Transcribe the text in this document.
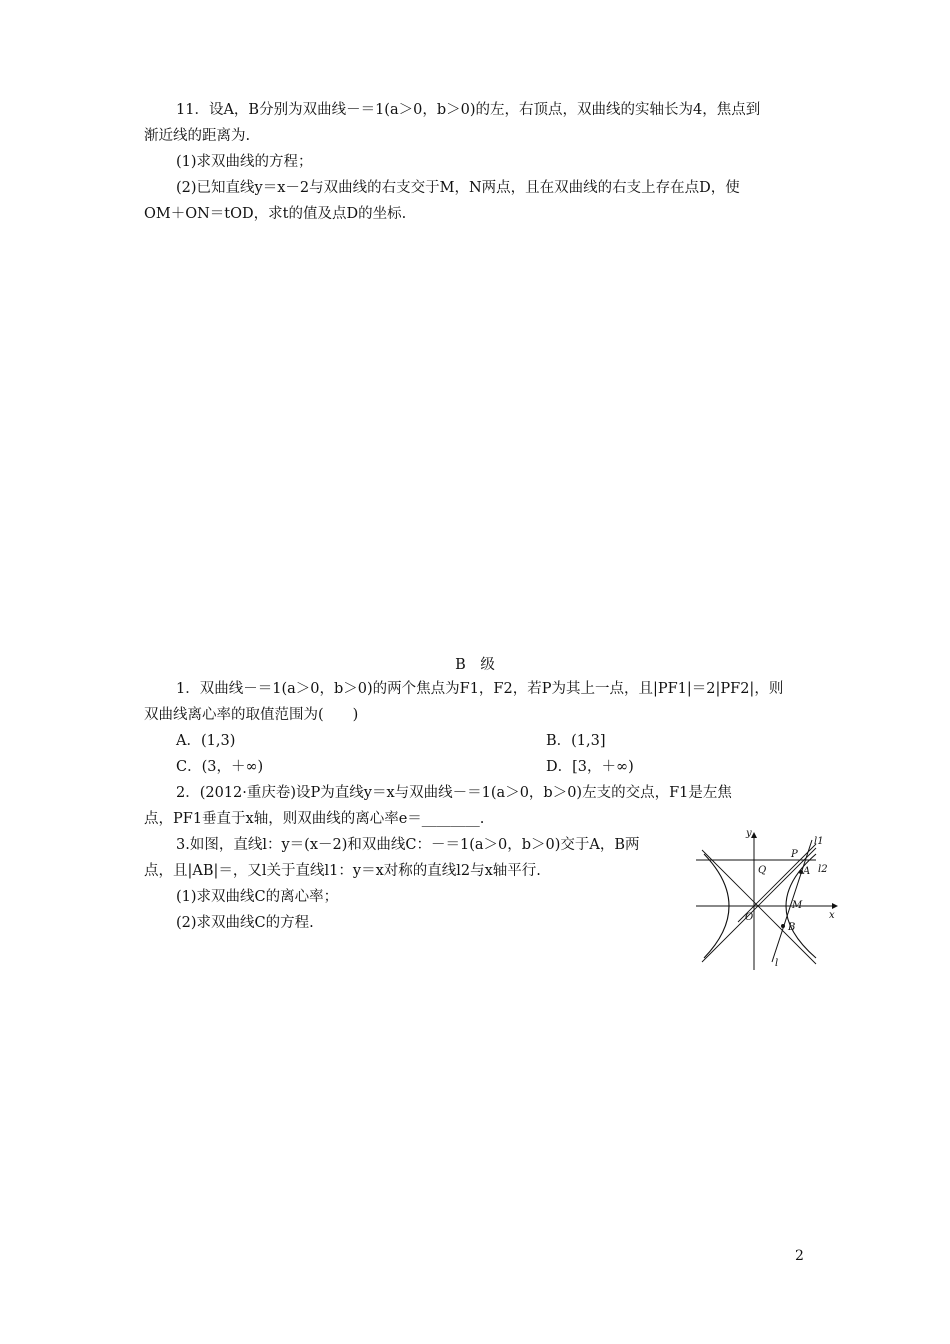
11．设A，B分别为双曲线－＝1(a＞0，b＞0)的左，右顶点，双曲线的实轴长为4，焦点到
渐近线的距离为.
(1)求双曲线的方程；
(2)已知直线y＝x－2与双曲线的右支交于M，N两点，且在双曲线的右支上存在点D，使
OM＋ON＝tOD，求t的值及点D的坐标.
B　级
1．双曲线－＝1(a＞0，b＞0)的两个焦点为F1，F2，若P为其上一点，且|PF1|＝2|PF2|，则
双曲线离心率的取值范围为(　　)
A．(1,3)	B．(1,3]
C．(3，＋∞)	D．[3，＋∞)
2．(2012·重庆卷)设P为直线y＝x与双曲线－＝1(a＞0，b＞0)左支的交点，F1是左焦
点，PF1垂直于x轴，则双曲线的离心率e＝________.
3.如图，直线l：y＝(x－2)和双曲线C：－＝1(a＞0，b＞0)交于A，B两
点，且|AB|＝，又l关于直线l1：y＝x对称的直线l2与x轴平行.
(1)求双曲线C的离心率；
(2)求双曲线C的方程.
y
x
O
Q
P
A
M
B
l
l1
l2
2
